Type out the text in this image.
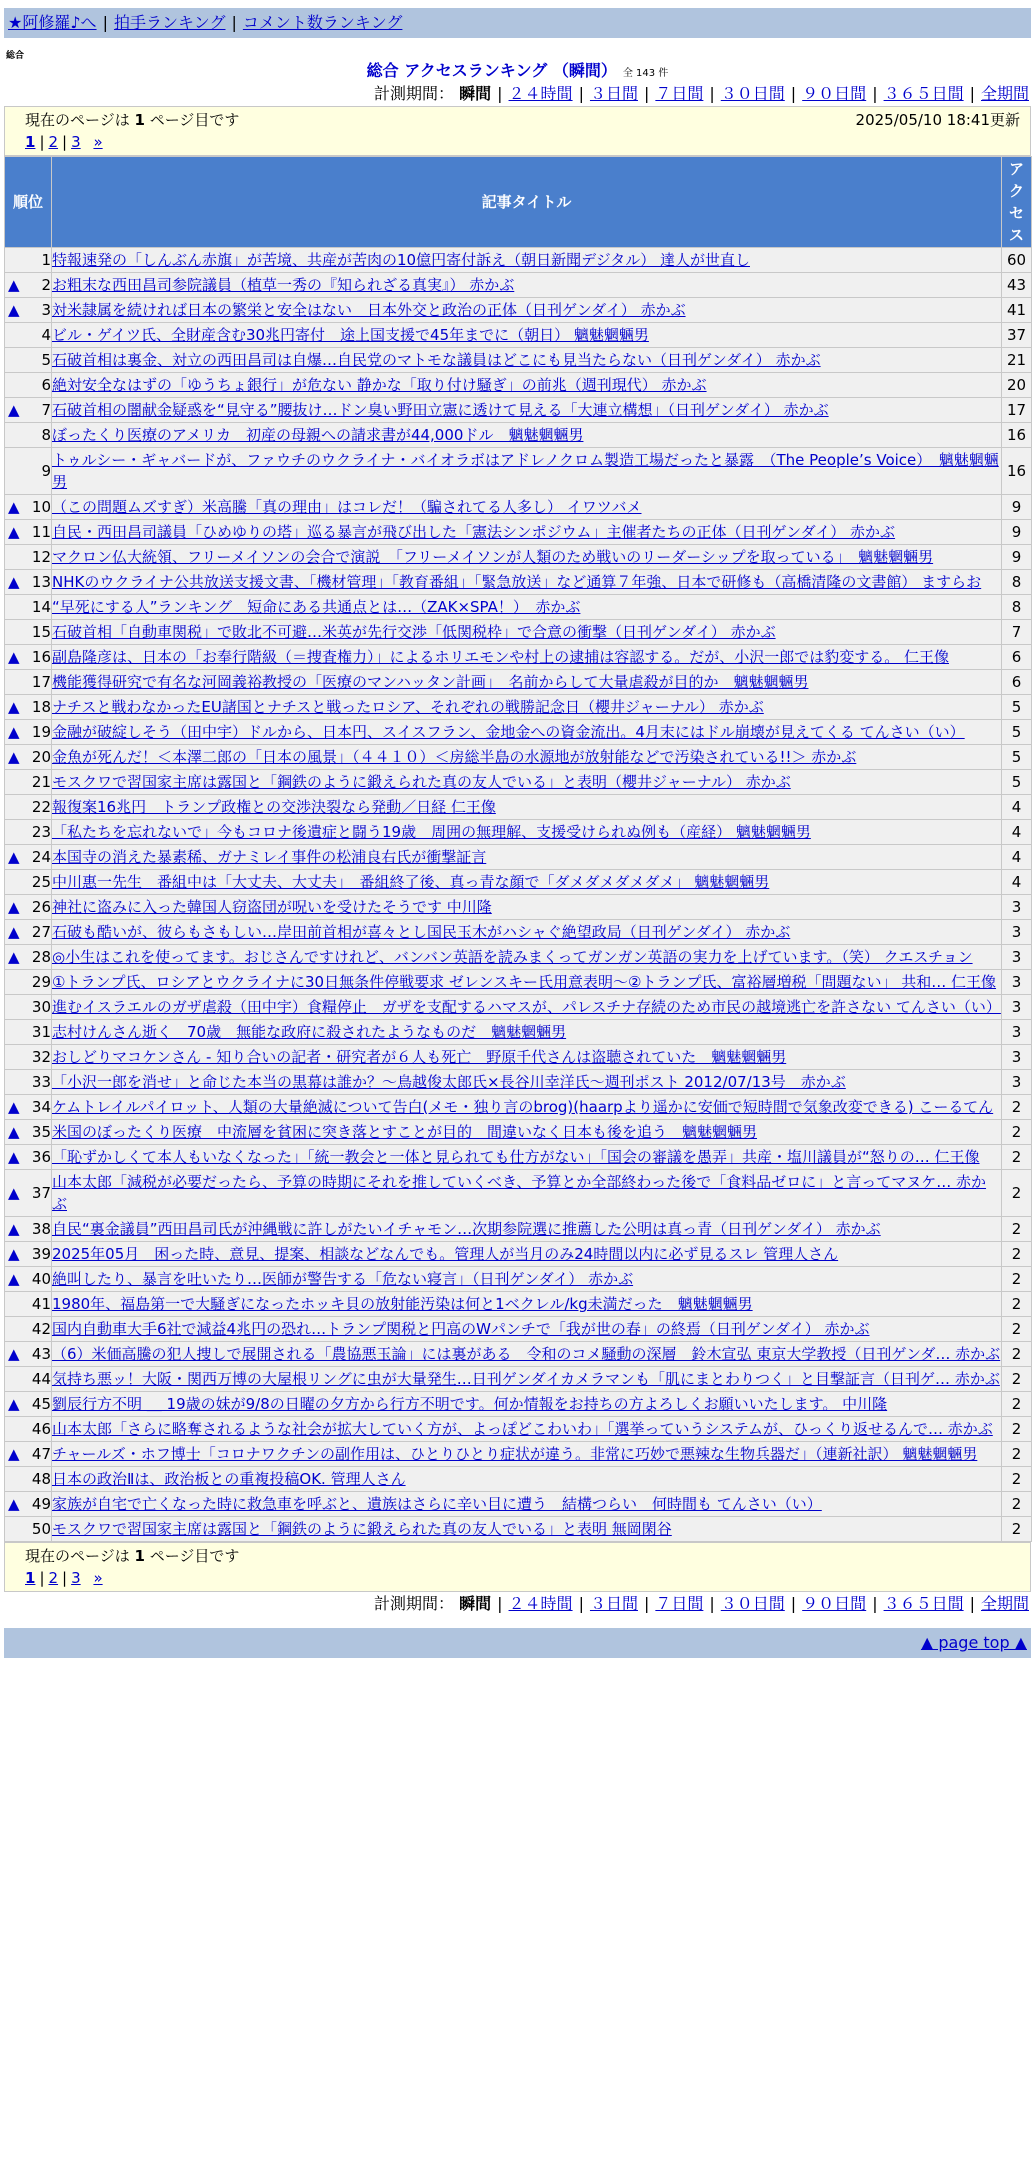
★阿修羅♪へ | 拍手ランキング | コメント数ランキング
総合
総合 アクセスランキング （瞬間） 全 143 件
計測期間： 瞬間 | ２４時間 | ３日間 | ７日間 | ３０日間 | ９０日間 | ３６５日間 | 全期間
2025/05/10 18:41更新
現在のページは 1 ページ目です
1 | 2 | 3 »
順位	記事タイトル	アクセス
1	特報速発の「しんぶん赤旗」が苦境、共産が苦肉の10億円寄付訴え（朝日新聞デジタル） 達人が世直し	60

▲ 2	お粗末な西田昌司参院議員（植草一秀の『知られざる真実』） 赤かぶ	43

▲ 3	対米隷属を続ければ日本の繁栄と安全はない　日本外交と政治の正体（日刊ゲンダイ） 赤かぶ	41
4	ビル・ゲイツ氏、全財産含む30兆円寄付　途上国支援で45年までに（朝日） 魑魅魍魎男	37
5	石破首相は裏金、対立の西田昌司は自爆…自民党のマトモな議員はどこにも見当たらない（日刊ゲンダイ） 赤かぶ	21
6	絶対安全なはずの「ゆうちょ銀行」が危ない 静かな「取り付け騒ぎ」の前兆（週刊現代） 赤かぶ	20

▲ 7	石破首相の闇献金疑惑を“見守る”腰抜け…ドン臭い野田立憲に透けて見える「大連立構想」（日刊ゲンダイ） 赤かぶ	17
8	ぼったくり医療のアメリカ　初産の母親への請求書が44,000ドル　魑魅魍魎男	16
9	トゥルシー・ギャバードが、ファウチのウクライナ・バイオラボはアドレノクロム製造工場だったと暴露　（The People’s Voice）　魑魅魍魎男	16

▲ 10	（この問題ムズすぎ）米高騰「真の理由」はコレだ！（騙されてる人多し） イワツバメ	9

▲ 11	自民・西田昌司議員「ひめゆりの塔」巡る暴言が飛び出した「憲法シンポジウム」主催者たちの正体（日刊ゲンダイ） 赤かぶ	9
12	マクロン仏大統領、フリーメイソンの会合で演説　「フリーメイソンが人類のため戦いのリーダーシップを取っている」　魑魅魍魎男	9

▲ 13	NHKのウクライナ公共放送支援文書、「機材管理」「教育番組」「緊急放送」など通算７年強、日本で研修も（高橋清隆の文書館） ますらお	8
14	“早死にする人”ランキング　短命にある共通点とは…（ZAK×SPA！）　赤かぶ	8
15	石破首相「自動車関税」で敗北不可避…米英が先行交渉「低関税枠」で合意の衝撃（日刊ゲンダイ） 赤かぶ	7

▲ 16	副島隆彦は、日本の「お奉行階級（＝捜査権力）」によるホリエモンや村上の逮捕は容認する。だが、小沢一郎では豹変する。 仁王像	6
17	機能獲得研究で有名な河岡義裕教授の「医療のマンハッタン計画」　名前からして大量虐殺が目的か　魑魅魍魎男	6

▲ 18	ナチスと戦わなかったEU諸国とナチスと戦ったロシア、それぞれの戦勝記念日（櫻井ジャーナル） 赤かぶ	5

▲ 19	金融が破綻しそう（田中宇）ドルから、日本円、スイスフラン、金地金への資金流出。4月末にはドル崩壊が見えてくる てんさい（い）	5

▲ 20	金魚が死んだ！＜本澤二郎の「日本の風景」（４４１０）＜房総半島の水源地が放射能などで汚染されている!!＞ 赤かぶ	5
21	モスクワで習国家主席は露国と「鋼鉄のように鍛えられた真の友人でいる」と表明（櫻井ジャーナル） 赤かぶ	5
22	報復案16兆円　トランプ政権との交渉決裂なら発動／日経 仁王像	4
23	「私たちを忘れないで」今もコロナ後遺症と闘う19歳　周囲の無理解、支援受けられぬ例も（産経） 魑魅魍魎男	4

▲ 24	本国寺の消えた暴素稀、ガナミレイ事件の松浦良右氏が衝撃証言	4
25	中川惠一先生　番組中は「大丈夫、大丈夫」　番組終了後、真っ青な顔で「ダメダメダメダメ」 魑魅魍魎男	4

▲ 26	神社に盗みに入った韓国人窃盗団が呪いを受けたそうです 中川隆	3

▲ 27	石破も酷いが、彼らもさもしい…岸田前首相が喜々とし国民玉木がハシャぐ絶望政局（日刊ゲンダイ） 赤かぶ	3

▲ 28	◎小生はこれを使ってます。おじさんですけれど、バンバン英語を読みまくってガンガン英語の実力を上げています。（笑） クエスチョン	3
29	①トランプ氏、ロシアとウクライナに30日無条件停戦要求 ゼレンスキー氏用意表明～②トランプ氏、富裕層増税「問題ない」 共和… 仁王像	3
30	進むイスラエルのガザ虐殺（田中宇）食糧停止　ガザを支配するハマスが、パレスチナ存続のため市民の越境逃亡を許さない てんさい（い）	3
31	志村けんさん逝く　70歳　無能な政府に殺されたようなものだ　魑魅魍魎男	3
32	おしどりマコケンさん - 知り合いの記者・研究者が６人も死亡　野原千代さんは盗聴されていた　魑魅魍魎男	3
33	「小沢一郎を消せ」と命じた本当の黒幕は誰か？～鳥越俊太郎氏×長谷川幸洋氏～週刊ポスト 2012/07/13号　赤かぶ	3

▲ 34	ケムトレイルパイロット、人類の大量絶滅について告白(メモ・独り言のbrog)(haarpより遥かに安価で短時間で気象改変できる) こーるてん	2

▲ 35	米国のぼったくり医療　中流層を貧困に突き落とすことが目的　間違いなく日本も後を追う　魑魅魍魎男	2

▲ 36	「恥ずかしくて本人もいなくなった」「統一教会と一体と見られても仕方がない」「国会の審議を愚弄」共産・塩川議員が“怒りの… 仁王像	2

▲ 37	山本太郎「減税が必要だったら、予算の時期にそれを推していくべき、予算とか全部終わった後で「食料品ゼロに」と言ってマヌケ… 赤かぶ	2

▲ 38	自民“裏金議員”西田昌司氏が沖縄戦に許しがたいイチャモン…次期参院選に推薦した公明は真っ青（日刊ゲンダイ） 赤かぶ	2

▲ 39	2025年05月　困った時、意見、提案、相談などなんでも。管理人が当月のみ24時間以内に必ず見るスレ 管理人さん	2

▲ 40	絶叫したり、暴言を吐いたり…医師が警告する「危ない寝言」（日刊ゲンダイ） 赤かぶ	2
41	1980年、福島第一で大騒ぎになったホッキ貝の放射能汚染は何と1ベクレル/kg未満だった　魑魅魍魎男	2
42	国内自動車大手6社で減益4兆円の恐れ…トランプ関税と円高のWパンチで「我が世の春」の終焉（日刊ゲンダイ） 赤かぶ	2

▲ 43	（6）米価高騰の犯人捜しで展開される「農協悪玉論」には裏がある　令和のコメ騒動の深層　鈴木宣弘 東京大学教授（日刊ゲンダ… 赤かぶ	2
44	気持ち悪ッ！大阪・関西万博の大屋根リングに虫が大量発生…日刊ゲンダイカメラマンも「肌にまとわりつく」と目撃証言（日刊ゲ… 赤かぶ	2

▲ 45	劉辰行方不明 ＿ 19歳の妹が9/8の日曜の夕方から行方不明です。何か情報をお持ちの方よろしくお願いいたします。 中川隆	2
46	山本太郎「さらに略奪されるような社会が拡大していく方が、よっぽどこわいわ」「選挙っていうシステムが、ひっくり返せるんで… 赤かぶ	2

▲ 47	チャールズ・ホフ博士「コロナワクチンの副作用は、ひとりひとり症状が違う。非常に巧妙で悪辣な生物兵器だ」（連新社訳） 魑魅魍魎男	2
48	日本の政治Ⅱは、政治板との重複投稿OK. 管理人さん	2

▲ 49	家族が自宅で亡くなった時に救急車を呼ぶと、遺族はさらに辛い目に遭う　結構つらい　何時間も てんさい（い）	2
50	モスクワで習国家主席は露国と「鋼鉄のように鍛えられた真の友人でいる」と表明 無岡閑谷	2
現在のページは 1 ページ目です
1 | 2 | 3 »
計測期間： 瞬間 | ２４時間 | ３日間 | ７日間 | ３０日間 | ９０日間 | ３６５日間 | 全期間
▲ page top ▲
